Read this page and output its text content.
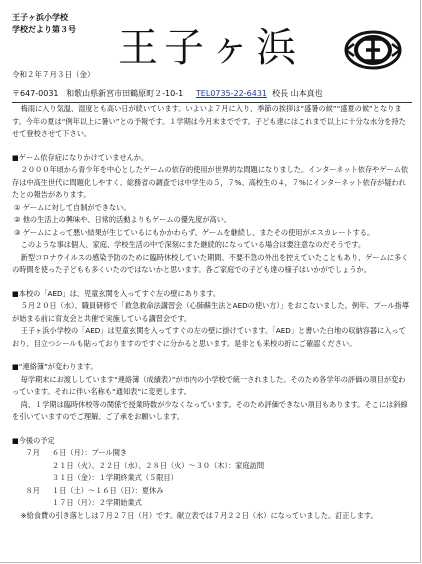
王子ヶ浜小学校
学校だより第３号
令和２年７月３日（金）
王子ヶ浜
〒647-0031 和歌山県新宮市田鶴原町２-10-1 TEL0735-22-6431 校長 山本真也
梅雨に入り気温、湿度とも高い日が続いています。いよいよ７月に入り、季節の挨拶は“盛暑の候”“盛夏の候”となります。今年の夏は“例年以上に暑い”との予報です。１学期は今月末までです。子ども達にはこれまで以上に十分な水分を持たせて登校させて下さい。
■ゲーム依存症になりかけていませんか。
２０００年頃から青少年を中心としたゲームの依存的使用が世界的な問題になりました。インターネット依存やゲーム依存は中高生世代に問題化しやすく、総務省の調査では中学生の５，７%、高校生の４，７%にインターネット依存が疑われたとの報告があります。
① ゲームに対して自制ができない。
② 他の生活上の興味や、日常的活動よりもゲームの優先度が高い。
③ ゲームによって悪い結果が生じているにもかかわらず、ゲームを継続し、またその使用がエスカレートする。
このような事は個人、家庭、学校生活の中で深刻にまた継続的になっている場合は要注意なのだそうです。
新型コロナウイルスの感染予防のために臨時休校していた期間、不要不急の外出を控えていたこともあり、ゲームに多くの時間を使った子どもも多くいたのではないかと思います。各ご家庭での子ども達の様子はいかがでしょうか。
■本校の「AED」は、児童玄関を入ってすぐ左の壁にあります。
５月２０日（水）、職員研修で「救急救命法講習会（心肺蘇生法とAEDの使い方）」をおこないました。例年、プール指導が始まる前に育友会と共催で実施している講習会です。
王子ヶ浜小学校の「AED」は児童玄関を入ってすぐの左の壁に掛けています。「AED」と書いた白地の収納容器に入っており、目立つシールも貼っておりますのですぐに分かると思います。是非とも来校の折にご確認ください。
■“連絡簿”が変わります。
毎学期末にお渡ししています“連絡簿（成績表）”が市内の小学校で統一されました。そのため各学年の評価の項目が変わっています。それに伴い名称も“通知表”に変更します。
尚、１学期は臨時休校等の関係で授業時数が少なくなっています。そのため評価できない項目もあります。そこには斜線を引いていますのでご理解、ご了承をお願いします。
■今後の予定
７月 ６日（月）：プール開き
２１日（火）、２２日（水）、２８日（火）～３０（木）：家庭訪問
３１日（金）：１学期終業式（５限目）
８月 １日（土）～１６日（日）：夏休み
１７日（月）：２学期始業式
※給食費の引き落としは７月２７日（月）です。献立表では７月２２日（水）になっていました。訂正します。
